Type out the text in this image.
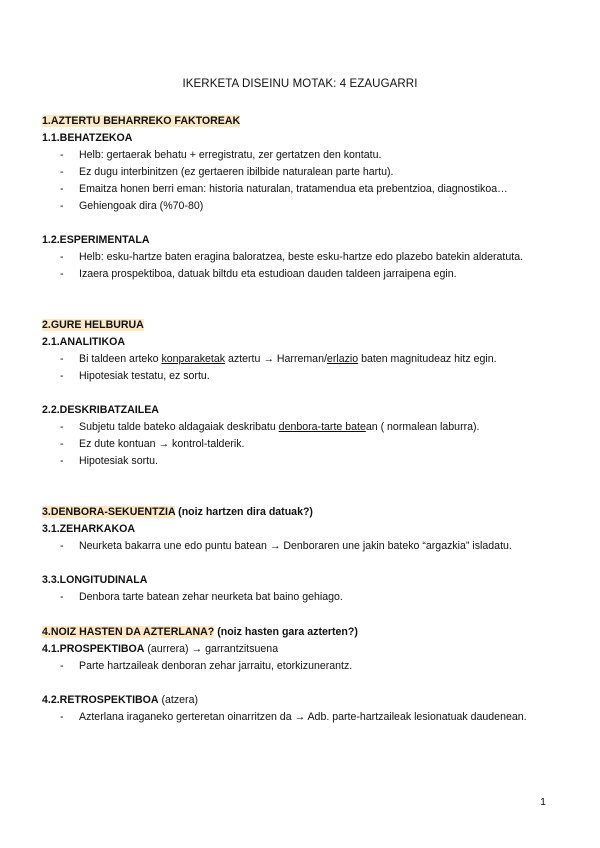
IKERKETA DISEINU MOTAK: 4 EZAUGARRI
1.AZTERTU BEHARREKO FAKTOREAK
1.1.BEHATZEKOA
- Helb: gertaerak behatu + erregistratu, zer gertatzen den kontatu.
- Ez dugu interbinitzen (ez gertaeren ibilbide naturalean parte hartu).
- Emaitza honen berri eman: historia naturalan, tratamendua eta prebentzioa, diagnostikoa…
- Gehiengoak dira (%70-80)
1.2.ESPERIMENTALA
- Helb: esku-hartze baten eragina baloratzea, beste esku-hartze edo plazebo batekin alderatuta.
- Izaera prospektiboa, datuak biltdu eta estudioan dauden taldeen jarraipena egin.
2.GURE HELBURUA
2.1.ANALITIKOA
- Bi taldeen arteko konparaketak aztertu → Harreman/erlazio baten magnitudeaz hitz egin.
- Hipotesiak testatu, ez sortu.
2.2.DESKRIBATZAILEA
- Subjetu talde bateko aldagaiak deskribatu denbora-tarte batean ( normalean laburra).
- Ez dute kontuan → kontrol-talderik.
- Hipotesiak sortu.
3.DENBORA-SEKUENTZIA (noiz hartzen dira datuak?)
3.1.ZEHARKAKOA
- Neurketa bakarra une edo puntu batean → Denboraren une jakin bateko “argazkia” isladatu.
3.3.LONGITUDINALA
- Denbora tarte batean zehar neurketa bat baino gehiago.
4.NOIZ HASTEN DA AZTERLANA? (noiz hasten gara azterten?)
4.1.PROSPEKTIBOA (aurrera) → garrantzitsuena
- Parte hartzaileak denboran zehar jarraitu, etorkizunerantz.
4.2.RETROSPEKTIBOA (atzera)
- Azterlana iraganeko gerteretan oinarritzen da → Adb. parte-hartzaileak lesionatuak daudenean.
1
